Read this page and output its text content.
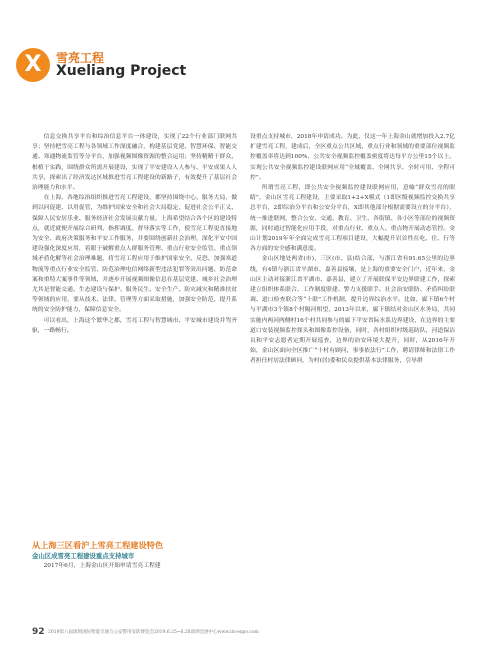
X	雪亮工程
Xueliang Project

信息交换共享平台和综治信息平台一体建设，实现了22个行业部门联网共享；坚持把雪亮工程与各领域工作深度融合，构建基层党建、智慧环保、智能交通、寒通物流监管等分平台，加强视频图像资源的整合运用；坚持精精于群众、根植于实践，围绕群众所需开展建设，实现了平安建设人人参与、平安成果人人共享，探索出了经济发达区域推进雪亮工程建设的新路子，有效提升了基层社会治理能力和水平。

在上海，各地综治组织推进雪亮工程建设，都坚持围绕中心、服务大局，做到以问促建、以用促管，为维护国家安全和社会大局稳定、促进社会公平正义、保障人民安居乐业、服务经济社会发展贡献力量。上海希望结合各个区的建设特点，就近就便开展综合研判、指挥调度、督导落实等工作，使雪亮工程更直接地为安全、政府决策服务和平安工作服务，并要围绕创新社会治理，深化平安中国建设强化深度应用，着眼于破解重点人群服务管理、重点行业安全监管、重点领域矛盾化解等社会治理难题，将雪亮工程应用于维护国家安全、反恐、加强寒道物流等重点行业安全监管、防范治理电信网络新型违法犯罪等突出问题、防范命案和重特大案事件等领域，并逐步开展视频图像信息在基层党建、城乡社会治理尤其是智能交通、生态建设与保护、服务民生、安全生产、防灾减灾和精准扶贫等领域的应用，要从技术、法律、管理等方面采取措施，加强安全防范，提升系统的安全防护能力，保障信息安全。

可以看出，上海这个繁华之都，雪亮工程与智慧城市、平安城市建设并驾齐驱，一路畅行。

从上海三区看沪上雪亮工程建设特色
金山区成雪亮工程建设重点支持城市

2017年6月，上海金山区开始申请雪亮工程建

设重点支持城市，2018年申请成功。为此，仅这一年上海金山就增加投入2.7亿扩建雪亮工程，建成后，全区重点公共区域、重点行业和领域的重要部位视频监控覆盖率将达到100%，公共安全视频监控覆盖密度将达每平方公里15个以上，实现公共安全视频监控建设联网应用“全域覆盖、全网共享、全时可用、全程可控”。

所谓雪亮工程，即公共安全视频监控建设联网应用，意喻“群众雪亮的眼睛”，金山区雪亮工程建设，主要采取1+2+X模式（1即区级视频监控交换共享总平台，2即综治分平台和公安分平台，X即其他部分根据需要设立的分平台），统一推进联网，整合公安、交通、教育、卫生、各街镇、各小区等部位的视频资源，同时通过智能化应用手段，对重点行业、重点人、重点物开展动态管控。金山计划2019年年全面完成雪亮工程项目建设，大幅提升岩首性在吃、住、行等各方面的安全感和满意度。

金山区地处两省(市)、三区(市、县)结合部，与浙江省有91.65公里的边界线，有4镇与浙江省平湖市、嘉善县接壤，是上海的重要安全门户，近年来，金山区主动对接浙江省平湖市、嘉善县，建立了开展联保平安边界联建工作，探索建立组织体系联合、工作制度联建、警力支援联手、社会治安联防、矛盾纠纷联调、道口检查联合等“十联”工作机制，提升边界综治水平。比如，廊下镇6个村与平湖市3个镇8个村隔河相望，2013年以来，廊下镇结对金山区水务局，共同实施内两河两侧村16个村共同参与的廊下平安省际水系边界建设，在边界的主要道口安装视频监控探头和图像监控设备，同时，各村组织村级巡防队，河道保洁员和平安志愿者定期开展巡查，边界的治安环境大提升，同时，从2016年开始，金山区面向全区推广“十村有顾问，事事依法行”工作，聘请律师和法律工作者担任村居法律顾问，为村(居)委和民众提供基本法律服务，引导群

92 2019第八届深圳国际智能交通与公安警用安防博览会2019.6.25~6.28深圳会展中心www.its-expo.com
